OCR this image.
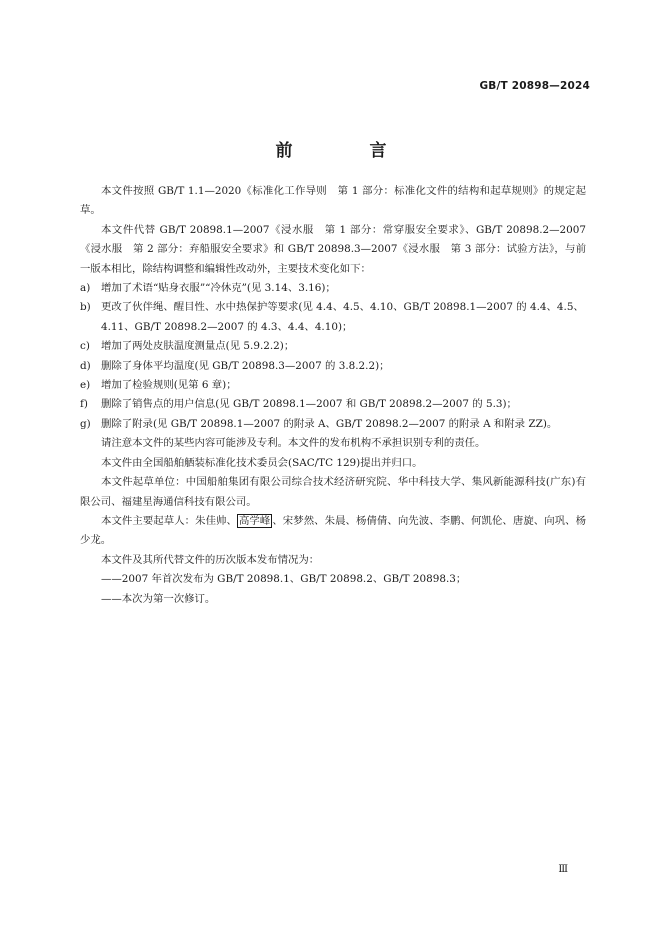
GB/T 20898—2024
前　言

本文件按照 GB/T 1.1—2020《标准化工作导则　第 1 部分：标准化文件的结构和起草规则》的规定起草。

本文件代替 GB/T 20898.1—2007《浸水服　第 1 部分：常穿服安全要求》、GB/T 20898.2—2007《浸水服　第 2 部分：弃船服安全要求》和 GB/T 20898.3—2007《浸水服　第 3 部分：试验方法》，与前一版本相比，除结构调整和编辑性改动外，主要技术变化如下：

a)	增加了术语“贴身衣服”“冷休克”(见 3.14、3.16)；

b) 更改了伙伴绳、醒目性、水中热保护等要求(见 4.4、4.5、4.10、GB/T 20898.1—2007 的 4.4、4.5、4.11、GB/T 20898.2—2007 的 4.3、4.4、4.10)；

c)	增加了两处皮肤温度测量点(见 5.9.2.2)；

d) 删除了身体平均温度(见 GB/T 20898.3—2007 的 3.8.2.2)；

e)	增加了检验规则(见第 6 章)；

f)	删除了销售点的用户信息(见 GB/T 20898.1—2007 和 GB/T 20898.2—2007 的 5.3)；

g) 删除了附录(见 GB/T 20898.1—2007 的附录 A、GB/T 20898.2—2007 的附录 A 和附录 ZZ)。

请注意本文件的某些内容可能涉及专利。本文件的发布机构不承担识别专利的责任。

本文件由全国船舶舾装标准化技术委员会(SAC/TC 129)提出并归口。

本文件起草单位：中国船舶集团有限公司综合技术经济研究院、华中科技大学、集风新能源科技(广东)有限公司、福建星海通信科技有限公司。

本文件主要起草人：朱佳帅、 高学峰 、宋梦然、朱晨、杨倩倩、向先波、李鹏、何凯伦、唐旋、向巩、杨少龙。

本文件及其所代替文件的历次版本发布情况为：

——2007 年首次发布为 GB/T 20898.1、GB/T 20898.2、GB/T 20898.3；

——本次为第一次修订。

Ⅲ
